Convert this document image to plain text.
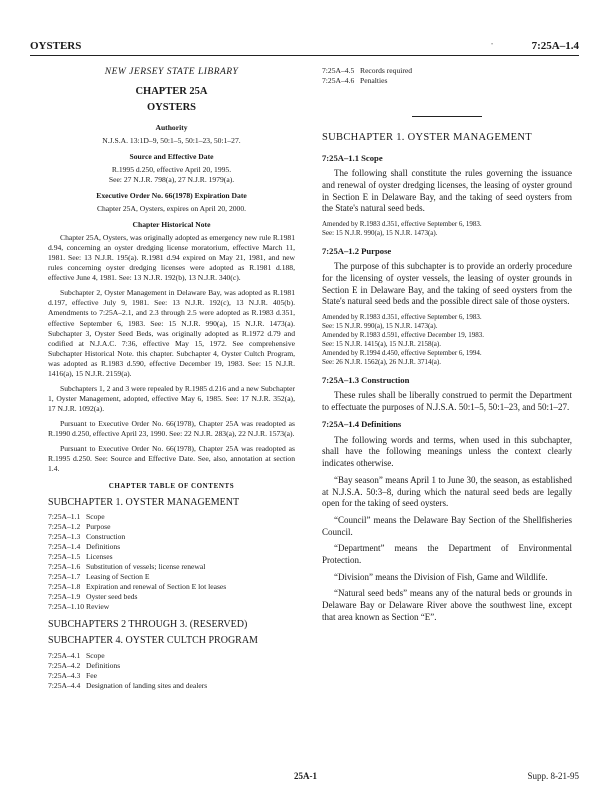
OYSTERS	7:25A–1.4
•
NEW JERSEY STATE LIBRARY
CHAPTER 25A
OYSTERS
Authority
N.J.S.A. 13:1D–9, 50:1–5, 50:1–23, 50:1–27.
Source and Effective Date
R.1995 d.250, effective April 20, 1995.
See: 27 N.J.R. 798(a), 27 N.J.R. 1979(a).
Executive Order No. 66(1978) Expiration Date
Chapter 25A, Oysters, expires on April 20, 2000.
Chapter Historical Note

Chapter 25A, Oysters, was originally adopted as emergency new rule R.1981 d.94, concerning an oyster dredging license moratorium, effective March 11, 1981. See: 13 N.J.R. 195(a). R.1981 d.94 expired on May 21, 1981, and new rules concerning oyster dredging licenses were adopted as R.1981 d.188, effective June 4, 1981. See: 13 N.J.R. 192(b), 13 N.J.R. 340(c).

Subchapter 2, Oyster Management in Delaware Bay, was adopted as R.1981 d.197, effective July 9, 1981. See: 13 N.J.R. 192(c), 13 N.J.R. 405(b). Amendments to 7:25A–2.1, and 2.3 through 2.5 were adopted as R.1983 d.351, effective September 6, 1983. See: 15 N.J.R. 990(a), 15 N.J.R. 1473(a). Subchapter 3, Oyster Seed Beds, was originally adopted as R.1972 d.79 and codified at N.J.A.C. 7:36, effective May 15, 1972. See comprehensive Subchapter Historical Note. this chapter. Subchapter 4, Oyster Cultch Program, was adopted as R.1983 d.590, effective December 19, 1983. See: 15 N.J.R. 1416(a), 15 N.J.R. 2159(a).

Subchapters 1, 2 and 3 were repealed by R.1985 d.216 and a new Subchapter 1, Oyster Management, adopted, effective May 6, 1985. See: 17 N.J.R. 352(a), 17 N.J.R. 1092(a).

Pursuant to Executive Order No. 66(1978), Chapter 25A was readopted as R.1990 d.250, effective April 23, 1990. See: 22 N.J.R. 283(a), 22 N.J.R. 1573(a).

Pursuant to Executive Order No. 66(1978), Chapter 25A was readopted as R.1995 d.250. See: Source and Effective Date. See, also, annotation at section 1.4.

CHAPTER TABLE OF CONTENTS
SUBCHAPTER 1. OYSTER MANAGEMENT
7:25A–1.1 Scope
7:25A–1.2 Purpose
7:25A–1.3 Construction
7:25A–1.4 Definitions
7:25A–1.5 Licenses
7:25A–1.6 Substitution of vessels; license renewal
7:25A–1.7 Leasing of Section E
7:25A–1.8 Expiration and renewal of Section E lot leases
7:25A–1.9 Oyster seed beds
7:25A–1.10 Review
SUBCHAPTERS 2 THROUGH 3. (RESERVED)
SUBCHAPTER 4. OYSTER CULTCH PROGRAM
7:25A–4.1 Scope
7:25A–4.2 Definitions
7:25A–4.3 Fee
7:25A–4.4 Designation of landing sites and dealers
7:25A–4.5 Records required
7:25A–4.6 Penalties
SUBCHAPTER 1. OYSTER MANAGEMENT
7:25A–1.1 Scope

The following shall constitute the rules governing the issuance and renewal of oyster dredging licenses, the leasing of oyster ground in Section E in Delaware Bay, and the taking of seed oysters from the State's natural seed beds.

Amended by R.1983 d.351, effective September 6, 1983.
See: 15 N.J.R. 990(a), 15 N.J.R. 1473(a).
7:25A–1.2 Purpose

The purpose of this subchapter is to provide an orderly procedure for the licensing of oyster vessels, the leasing of oyster grounds in Section E in Delaware Bay, and the taking of seed oysters from the State's natural seed beds and the possible direct sale of those oysters.

Amended by R.1983 d.351, effective September 6, 1983.
See: 15 N.J.R. 990(a), 15 N.J.R. 1473(a).
Amended by R.1983 d.591, effective December 19, 1983.
See: 15 N.J.R. 1415(a), 15 N.J.R. 2158(a).
Amended by R.1994 d.450, effective September 6, 1994.
See: 26 N.J.R. 1562(a), 26 N.J.R. 3714(a).
7:25A–1.3 Construction

These rules shall be liberally construed to permit the Department to effectuate the purposes of N.J.S.A. 50:1–5, 50:1–23, and 50:1–27.

7:25A–1.4 Definitions

The following words and terms, when used in this subchapter, shall have the following meanings unless the context clearly indicates otherwise.

“Bay season” means April 1 to June 30, the season, as established at N.J.S.A. 50:3–8, during which the natural seed beds are legally open for the taking of seed oysters.

“Council” means the Delaware Bay Section of the Shellfisheries Council.

“Department” means the Department of Environmental Protection.

“Division” means the Division of Fish, Game and Wildlife.

“Natural seed beds” means any of the natural beds or grounds in Delaware Bay or Delaware River above the southwest line, except that area known as Section “E”.

25A-1	Supp. 8-21-95
